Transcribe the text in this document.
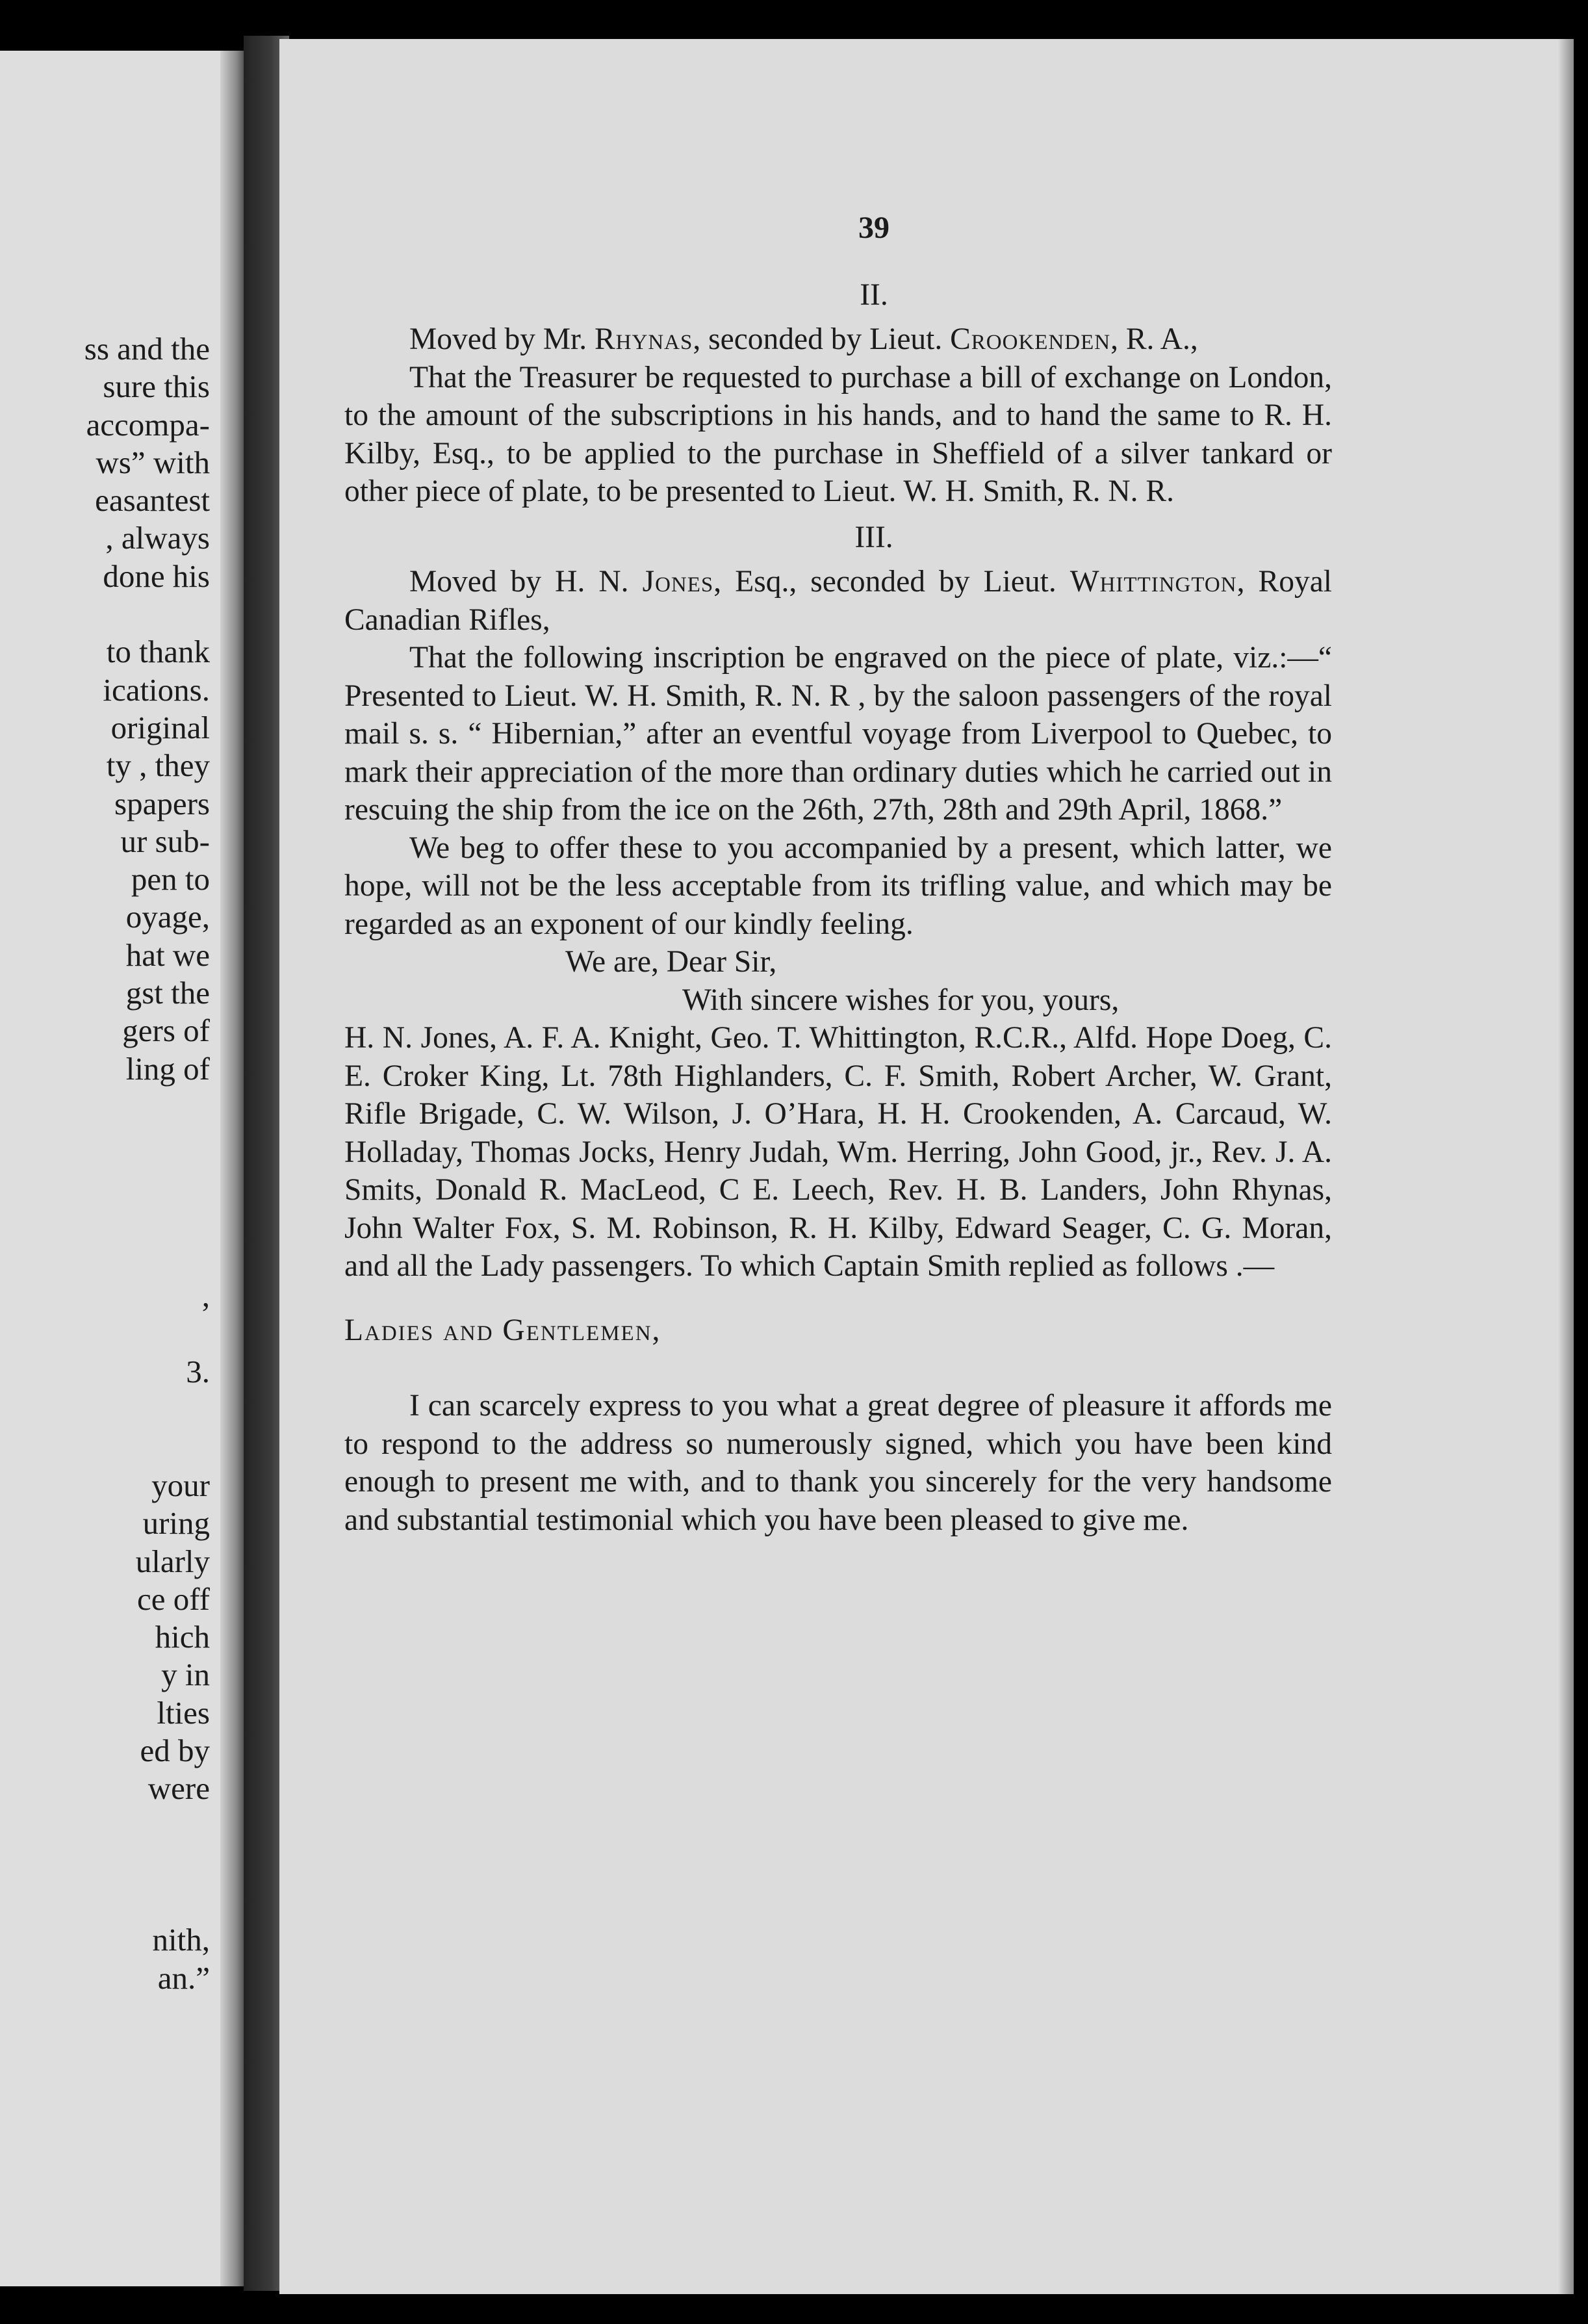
ss and the
sure this
accompa-
ws” with
easantest
, always
done his
to thank
ications.
original
ty , they
spapers
ur sub-
pen to
oyage,
hat we
gst the
gers of
ling of
,
3.
your
uring
ularly
ce off
hich
y in
lties
ed by
were
nith,
an.”
39
II.

Moved by Mr. Rhynas, seconded by Lieut. Crookenden, R. A.,

That the Treasurer be requested to purchase a bill of exchange on London, to the amount of the subscriptions in his hands, and to hand the same to R. H. Kilby, Esq., to be applied to the purchase in Sheffield of a silver tankard or other piece of plate, to be presented to Lieut. W. H. Smith, R. N. R.

III.

Moved by H. N. Jones, Esq., seconded by Lieut. Whittington, Royal Canadian Rifles,

That the following inscription be engraved on the piece of plate, viz.:—“ Presented to Lieut. W. H. Smith, R. N. R , by the saloon passengers of the royal mail s. s. “ Hibernian,” after an eventful voyage from Liverpool to Quebec, to mark their appreciation of the more than ordinary duties which he carried out in rescuing the ship from the ice on the 26th, 27th, 28th and 29th April, 1868.”

We beg to offer these to you accompanied by a present, which latter, we hope, will not be the less acceptable from its trifling value, and which may be regarded as an exponent of our kindly feeling.

We are, Dear Sir,

With sincere wishes for you, yours,

H. N. Jones, A. F. A. Knight, Geo. T. Whittington, R.C.R., Alfd. Hope Doeg, C. E. Croker King, Lt. 78th Highlanders, C. F. Smith, Robert Archer, W. Grant, Rifle Brigade, C. W. Wilson, J. O’Hara, H. H. Crookenden, A. Carcaud, W. Holladay, Thomas Jocks, Henry Judah, Wm. Herring, John Good, jr., Rev. J. A. Smits, Donald R. MacLeod, C E. Leech, Rev. H. B. Landers, John Rhynas, John Walter Fox, S. M. Robinson, R. H. Kilby, Edward Seager, C. G. Moran, and all the Lady passengers. To which Captain Smith replied as follows .—

Ladies and Gentlemen,

I can scarcely express to you what a great degree of pleasure it affords me to respond to the address so numerously signed, which you have been kind enough to present me with, and to thank you sincerely for the very handsome and substantial testimonial which you have been pleased to give me.
